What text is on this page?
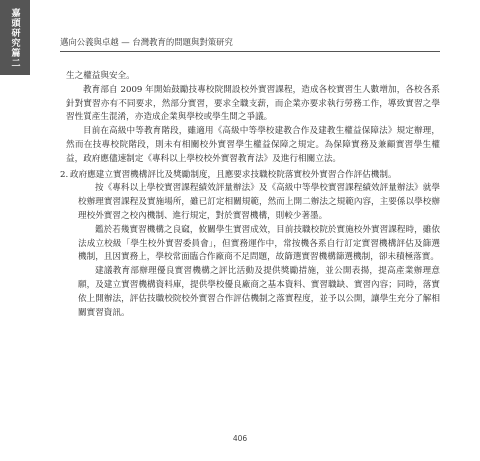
嘉頭研究篇二	邁向公義與卓越 — 台灣教育的問題與對策研究

生之權益與安全。

教育部自 2009 年開始鼓勵技專校院開設校外實習課程，造成各校實習生人數增加，各校各系針對實習亦有不同要求，然部分實習，要求全職支薪，而企業亦要求執行勞務工作，導致實習之學習性質產生混淆，亦造成企業與學校或學生間之爭議。

目前在高級中等教育階段，雖適用《高級中等學校建教合作及建教生權益保障法》規定辦理，然而在技專校院階段，則未有相關校外實習學生權益保障之規定。為保障實務及兼顧實習學生權益，政府應儘速制定《專科以上學校校外實習教育法》及進行相關立法。

2. 政府應建立實習機構評比及獎勵制度，且應要求技職校院落實校外實習合作評估機制。

按《專科以上學校實習課程績效評量辦法》及《高級中等學校實習課程績效評量辦法》就學校辦理實習課程及實施場所，雖已訂定相關規範，然而上開二辦法之規範內容，主要係以學校辦理校外實習之校內機制、進行規定，對於實習機構，則較少著墨。

鑑於若幾實習機構之良窳，攸關學生實習成效，目前技職校院於實施校外實習課程時，雖依法成立校級「學生校外實習委員會」，但實務運作中，常按機各系自行訂定實習機構評估及篩選機制，且因實務上，學校常面臨合作廠商不足問題，故篩選實習機構篩選機制，卻未積極落實。

建議教育部辦理優良實習機構之評比活動及提供獎勵措施，並公開表揚，提高產業辦理意願，及建立實習機構資料庫，提供學校優良廠商之基本資料、實習職缺、實習內容；同時，落實依上開辦法，評估技職校院校外實習合作評估機制之落實程度，並予以公開，讓學生充分了解相關實習資訊。

406
